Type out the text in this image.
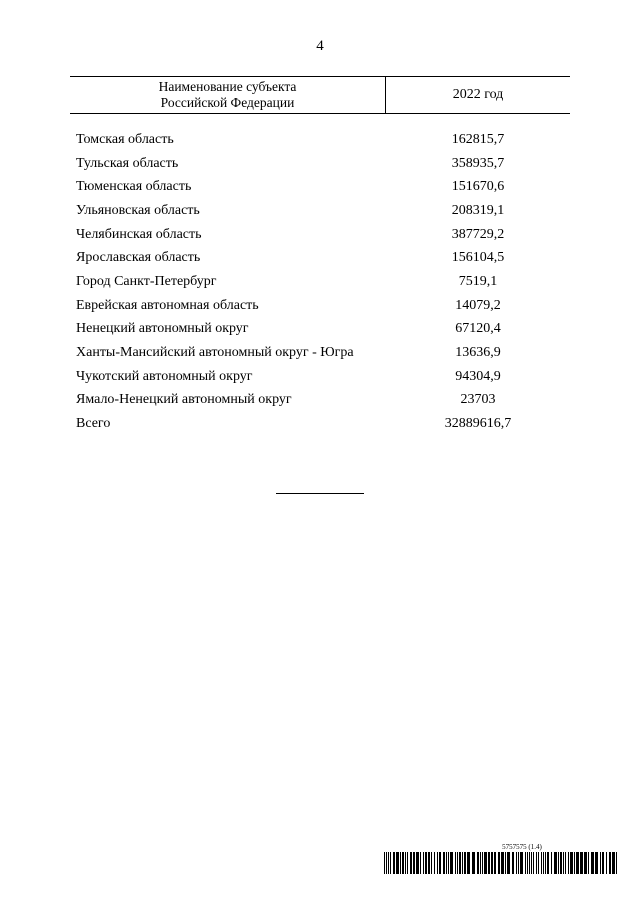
4
Наименование субъекта
Российской Федерации
2022 год
Томская область	162815,7
Тульская область	358935,7
Тюменская область	151670,6
Ульяновская область	208319,1
Челябинская область	387729,2
Ярославская область	156104,5
Город Санкт-Петербург	7519,1
Еврейская автономная область	14079,2
Ненецкий автономный округ	67120,4
Ханты-Мансийский автономный округ - Югра	13636,9
Чукотский автономный округ	94304,9
Ямало-Ненецкий автономный округ	23703
Всего	32889616,7
5757575 (1.4)
